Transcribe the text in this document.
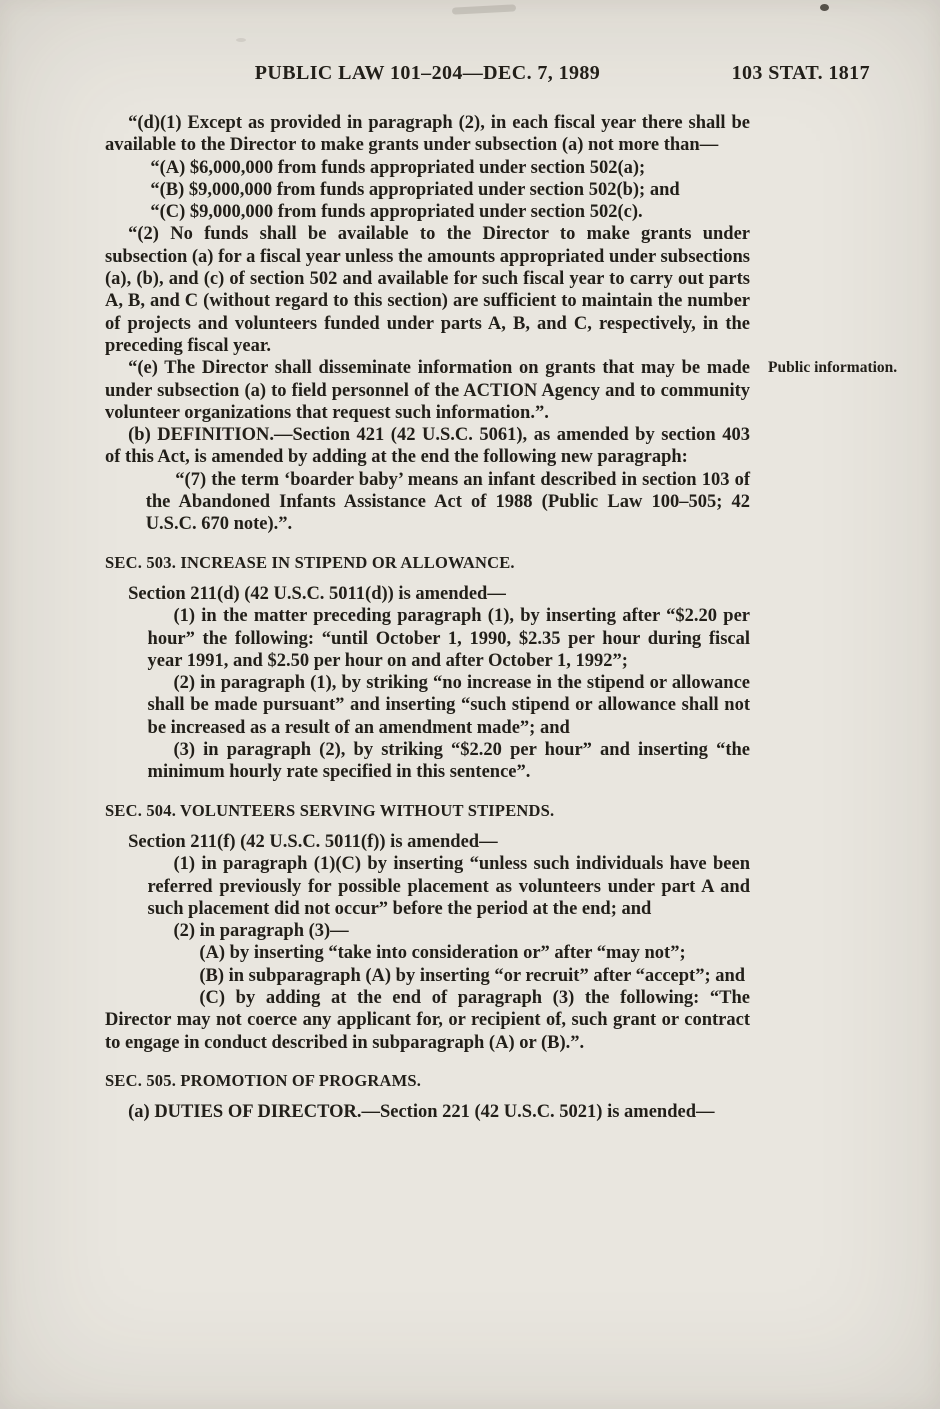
PUBLIC LAW 101–204—DEC. 7, 1989	103 STAT. 1817

“(d)(1) Except as provided in paragraph (2), in each fiscal year there shall be available to the Director to make grants under subsection (a) not more than—

“(A) $6,000,000 from funds appropriated under section 502(a);

“(B) $9,000,000 from funds appropriated under section 502(b); and

“(C) $9,000,000 from funds appropriated under section 502(c).

“(2) No funds shall be available to the Director to make grants under subsection (a) for a fiscal year unless the amounts appropriated under subsections (a), (b), and (c) of section 502 and available for such fiscal year to carry out parts A, B, and C (without regard to this section) are sufficient to maintain the number of projects and volunteers funded under parts A, B, and C, respectively, in the preceding fiscal year.

“(e) The Director shall disseminate information on grants that may be made under subsection (a) to field personnel of the ACTION Agency and to community volunteer organizations that request such information.”.

Public information.

(b) DEFINITION.—Section 421 (42 U.S.C. 5061), as amended by section 403 of this Act, is amended by adding at the end the following new paragraph:

“(7) the term ‘boarder baby’ means an infant described in section 103 of the Abandoned Infants Assistance Act of 1988 (Public Law 100–505; 42 U.S.C. 670 note).”.

SEC. 503. INCREASE IN STIPEND OR ALLOWANCE.

Section 211(d) (42 U.S.C. 5011(d)) is amended—

(1) in the matter preceding paragraph (1), by inserting after “$2.20 per hour” the following: “until October 1, 1990, $2.35 per hour during fiscal year 1991, and $2.50 per hour on and after October 1, 1992”;

(2) in paragraph (1), by striking “no increase in the stipend or allowance shall be made pursuant” and inserting “such stipend or allowance shall not be increased as a result of an amendment made”; and

(3) in paragraph (2), by striking “$2.20 per hour” and inserting “the minimum hourly rate specified in this sentence”.

SEC. 504. VOLUNTEERS SERVING WITHOUT STIPENDS.

Section 211(f) (42 U.S.C. 5011(f)) is amended—

(1) in paragraph (1)(C) by inserting “unless such individuals have been referred previously for possible placement as volunteers under part A and such placement did not occur” before the period at the end; and

(2) in paragraph (3)—

(A) by inserting “take into consideration or” after “may not”;

(B) in subparagraph (A) by inserting “or recruit” after “accept”; and

(C) by adding at the end of paragraph (3) the following: “The Director may not coerce any applicant for, or recipient of, such grant or contract to engage in conduct described in subparagraph (A) or (B).”.

SEC. 505. PROMOTION OF PROGRAMS.

(a) DUTIES OF DIRECTOR.—Section 221 (42 U.S.C. 5021) is amended—
